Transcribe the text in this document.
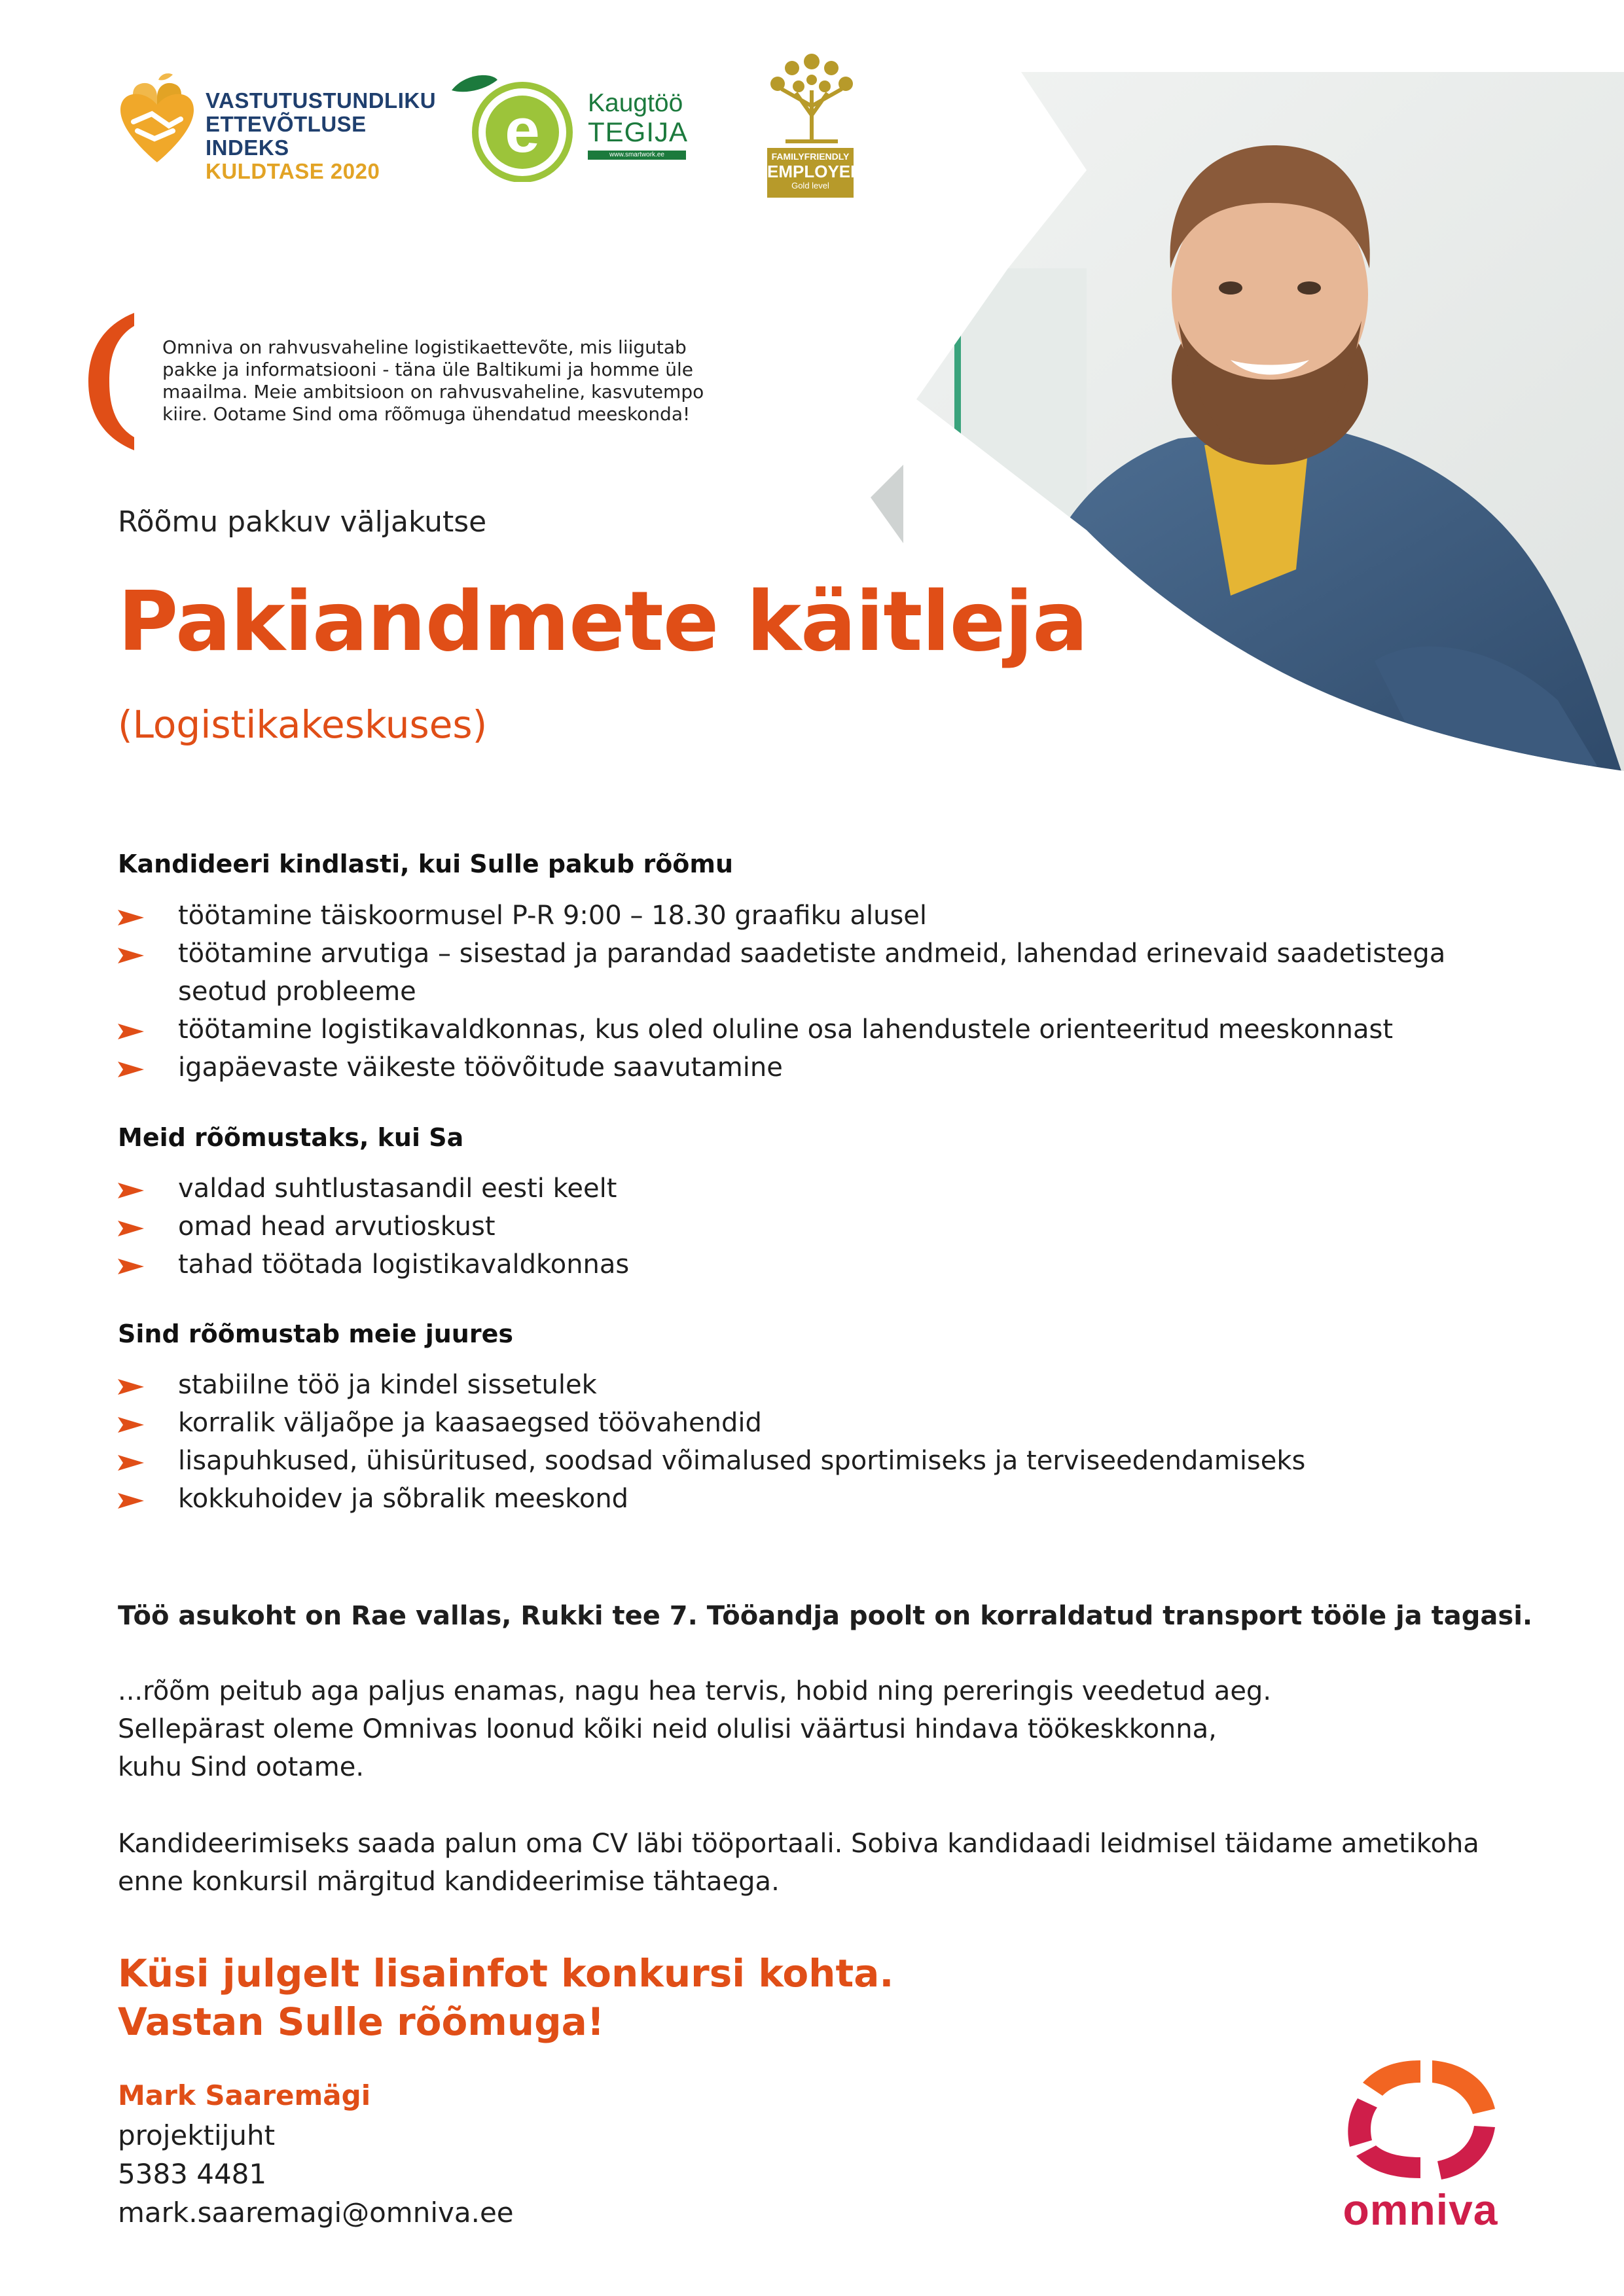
VASTUTUSTUNDLIKU
ETTEVÕTLUSE INDEKS
KULDTASE 2020
e Kaugtöö
TEGIJA
www.smartwork.ee	FAMILYFRIENDLY
EMPLOYER
Gold level
Omniva on rahvusvaheline logistikaettevõte, mis liigutab pakke ja informatsiooni - täna üle Baltikumi ja homme üle maailma. Meie ambitsioon on rahvusvaheline, kasvutempo kiire. Ootame Sind oma rõõmuga ühendatud meeskonda!
Rõõmu pakkuv väljakutse
Pakiandmete käitleja
(Logistikakeskuses)
Kandideeri kindlasti, kui Sulle pakub rõõmu
töötamine täiskoormusel P-R 9:00 – 18.30 graafiku alusel
töötamine arvutiga – sisestad ja parandad saadetiste andmeid, lahendad erinevaid saadetistega seotud probleeme
töötamine logistikavaldkonnas, kus oled oluline osa lahendustele orienteeritud meeskonnast
igapäevaste väikeste töövõitude saavutamine
Meid rõõmustaks, kui Sa
valdad suhtlustasandil eesti keelt
omad head arvutioskust
tahad töötada logistikavaldkonnas
Sind rõõmustab meie juures
stabiilne töö ja kindel sissetulek
korralik väljaõpe ja kaasaegsed töövahendid
lisapuhkused, ühisüritused, soodsad võimalused sportimiseks ja terviseedendamiseks
kokkuhoidev ja sõbralik meeskond
Töö asukoht on Rae vallas, Rukki tee 7. Tööandja poolt on korraldatud transport tööle ja tagasi.
...rõõm peitub aga paljus enamas, nagu hea tervis, hobid ning pereringis veedetud aeg.
Sellepärast oleme Omnivas loonud kõiki neid olulisi väärtusi hindava töökeskkonna,
kuhu Sind ootame.
Kandideerimiseks saada palun oma CV läbi tööportaali. Sobiva kandidaadi leidmisel täidame ametikoha
enne konkursil märgitud kandideerimise tähtaega.
Küsi julgelt lisainfot konkursi kohta.
Vastan Sulle rõõmuga!
Mark Saaremägi
projektijuht
5383 4481
mark.saaremagi@omniva.ee	omniva
